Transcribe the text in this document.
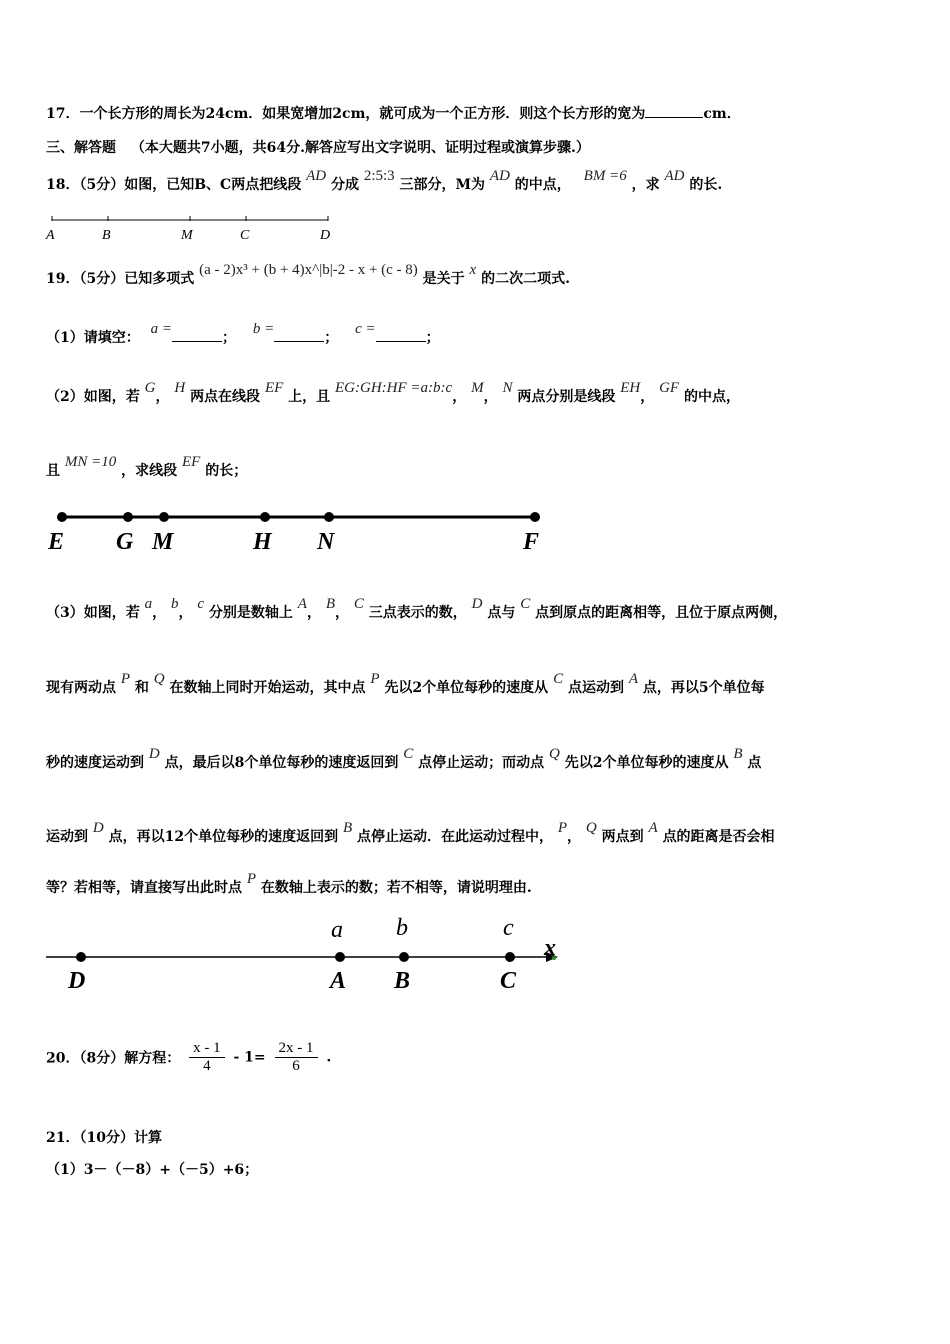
17．一个长方形的周长为24cm．如果宽增加2cm，就可成为一个正方形．则这个长方形的宽为	cm．
三、解答题 （本大题共7小题，共64分.解答应写出文字说明、证明过程或演算步骤.）
18．（5分）如图，已知B、C两点把线段 AD 分成 2:5:3 三部分，M为 AD 的中点， BM =6 ，求 AD 的长.
A	B	M	C	D
19．（5分）已知多项式 (a - 2)x³ + (b + 4)x^|b|-2 - x + (c - 8) 是关于 x 的二次二项式.
（1）请填空： a =； b =； c =；
（2）如图，若 G， H 两点在线段 EF 上，且 EG:GH:HF =a:b:c， M， N 两点分别是线段 EH， GF 的中点，
且 MN =10 ，求线段 EF 的长；
E G M	H N	F
（3）如图，若 a， b， c 分别是数轴上 A， B， C 三点表示的数， D 点与 C 点到原点的距离相等，且位于原点两侧，
现有两动点 P 和 Q 在数轴上同时开始运动，其中点 P 先以2个单位每秒的速度从 C 点运动到 A 点，再以5个单位每
秒的速度运动到 D 点，最后以8个单位每秒的速度返回到 C 点停止运动；而动点 Q 先以2个单位每秒的速度从 B 点
运动到 D 点，再以12个单位每秒的速度返回到 B 点停止运动．在此运动过程中， P， Q 两点到 A 点的距离是否会相
等？若相等，请直接写出此时点 P 在数轴上表示的数；若不相等，请说明理由.
a b	c
x
D	A B	C
20．（8分）解方程： $\frac{x - 1}{4} - 1= \frac{2x - 1}{6}$ .
21．（10分）计算
（1）3－（－8）+（－5）+6；
